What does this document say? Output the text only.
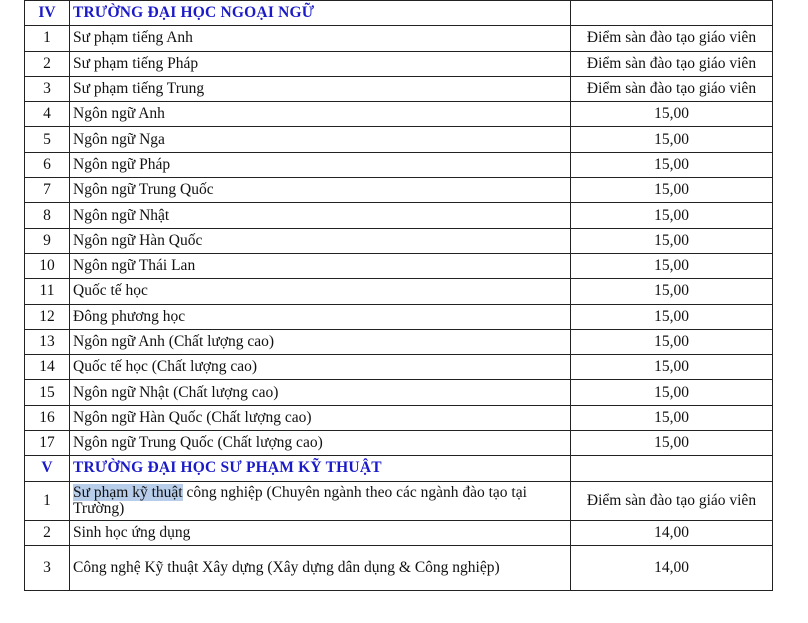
IV	TRƯỜNG ĐẠI HỌC NGOẠI NGỮ	
1	Sư phạm tiếng Anh	Điểm sàn đào tạo giáo viên
2	Sư phạm tiếng Pháp	Điểm sàn đào tạo giáo viên
3	Sư phạm tiếng Trung	Điểm sàn đào tạo giáo viên
4	Ngôn ngữ Anh	15,00
5	Ngôn ngữ Nga	15,00
6	Ngôn ngữ Pháp	15,00
7	Ngôn ngữ Trung Quốc	15,00
8	Ngôn ngữ Nhật	15,00
9	Ngôn ngữ Hàn Quốc	15,00
10	Ngôn ngữ Thái Lan	15,00
11	Quốc tế học	15,00
12	Đông phương học	15,00
13	Ngôn ngữ Anh (Chất lượng cao)	15,00
14	Quốc tế học (Chất lượng cao)	15,00
15	Ngôn ngữ Nhật (Chất lượng cao)	15,00
16	Ngôn ngữ Hàn Quốc (Chất lượng cao)	15,00
17	Ngôn ngữ Trung Quốc (Chất lượng cao)	15,00
V	TRƯỜNG ĐẠI HỌC SƯ PHẠM KỸ THUẬT	
1	Sư phạm kỹ thuật công nghiệp (Chuyên ngành theo các ngành đào tạo tại Trường)	Điểm sàn đào tạo giáo viên
2	Sinh học ứng dụng	14,00
3	Công nghệ Kỹ thuật Xây dựng (Xây dựng dân dụng & Công nghiệp)	14,00
